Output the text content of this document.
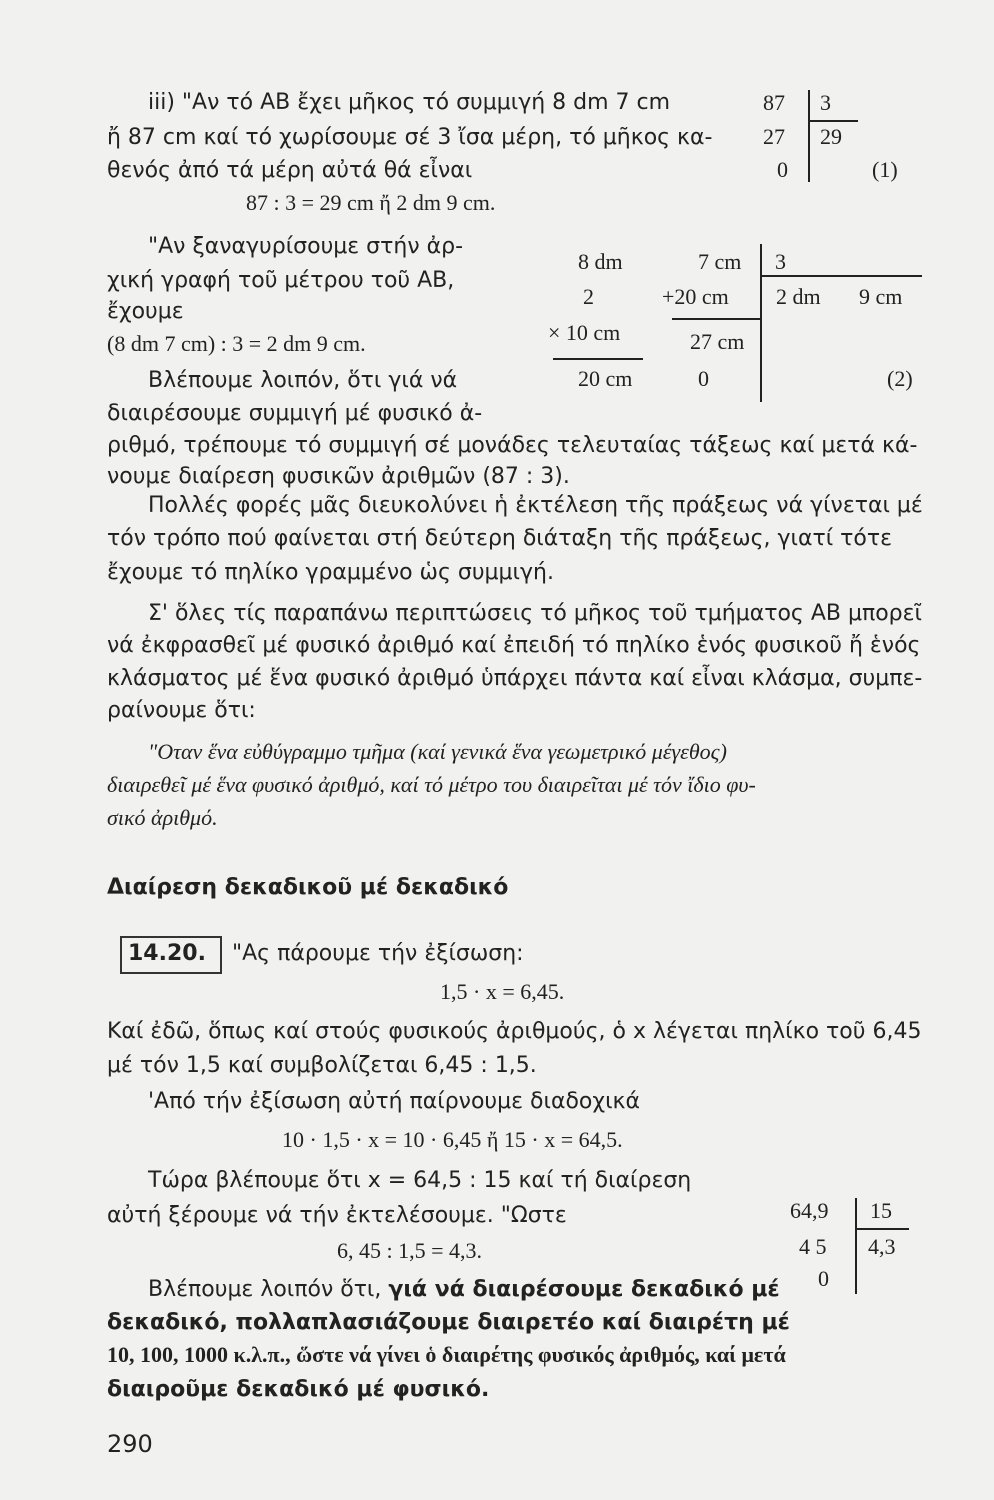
iii) "Αν τό ΑΒ ἔχει μῆκος τό συμμιγή 8 dm 7 cm
ἤ 87 cm καί τό χωρίσουμε σέ 3 ἴσα μέρη, τό μῆκος κα-
θενός ἀπό τά μέρη αὐτά θά εἶναι
87 : 3 = 29 cm ἤ 2 dm 9 cm.
87
27
0
3
29
(1)
"Αν ξαναγυρίσουμε στήν ἀρ-
χική γραφή τοῦ μέτρου τοῦ ΑΒ,
ἔχουμε
(8 dm 7 cm) : 3 = 2 dm 9 cm.
Βλέπουμε λοιπόν, ὅτι γιά νά
διαιρέσουμε συμμιγή μέ φυσικό ἀ-
ριθμό, τρέπουμε τό συμμιγή σέ μονάδες τελευταίας τάξεως καί μετά κά-
νουμε διαίρεση φυσικῶν ἀριθμῶν (87 : 3).
8 dm
2
× 10 cm
20 cm
7 cm
+20 cm
27 cm
0
3
2 dm 9 cm
(2)
Πολλές φορές μᾶς διευκολύνει ἡ ἐκτέλεση τῆς πράξεως νά γίνεται μέ
τόν τρόπο πού φαίνεται στή δεύτερη διάταξη τῆς πράξεως, γιατί τότε
ἔχουμε τό πηλίκο γραμμένο ὡς συμμιγή.
Σ' ὅλες τίς παραπάνω περιπτώσεις τό μῆκος τοῦ τμήματος ΑΒ μπορεῖ
νά ἐκφρασθεῖ μέ φυσικό ἀριθμό καί ἐπειδή τό πηλίκο ἑνός φυσικοῦ ἤ ἑνός
κλάσματος μέ ἕνα φυσικό ἀριθμό ὑπάρχει πάντα καί εἶναι κλάσμα, συμπε-
ραίνουμε ὅτι:
"Οταν ἕνα εὐθύγραμμο τμῆμα (καί γενικά ἕνα γεωμετρικό μέγεθος)
διαιρεθεῖ μέ ἕνα φυσικό ἀριθμό, καί τό μέτρο του διαιρεῖται μέ τόν ἴδιο φυ-
σικό ἀριθμό.
Διαίρεση δεκαδικοῦ μέ δεκαδικό
14.20. "Ας πάρουμε τήν ἐξίσωση:
1,5 · x = 6,45.
Καί ἐδῶ, ὅπως καί στούς φυσικούς ἀριθμούς, ὁ x λέγεται πηλίκο τοῦ 6,45
μέ τόν 1,5 καί συμβολίζεται 6,45 : 1,5.
'Από τήν ἐξίσωση αὐτή παίρνουμε διαδοχικά
10 · 1,5 · x = 10 · 6,45 ἤ 15 · x = 64,5.
Τώρα βλέπουμε ὅτι x = 64,5 : 15 καί τή διαίρεση
αὐτή ξέρουμε νά τήν ἐκτελέσουμε. "Ωστε
6, 45 : 1,5 = 4,3.
64,9
4 5
0
15
4,3
Βλέπουμε λοιπόν ὅτι, γιά νά διαιρέσουμε δεκαδικό μέ
δεκαδικό, πολλαπλασιάζουμε διαιρετέο καί διαιρέτη μέ
10, 100, 1000 κ.λ.π., ὥστε νά γίνει ὁ διαιρέτης φυσικός ἀριθμός, καί μετά
διαιροῦμε δεκαδικό μέ φυσικό.
290
